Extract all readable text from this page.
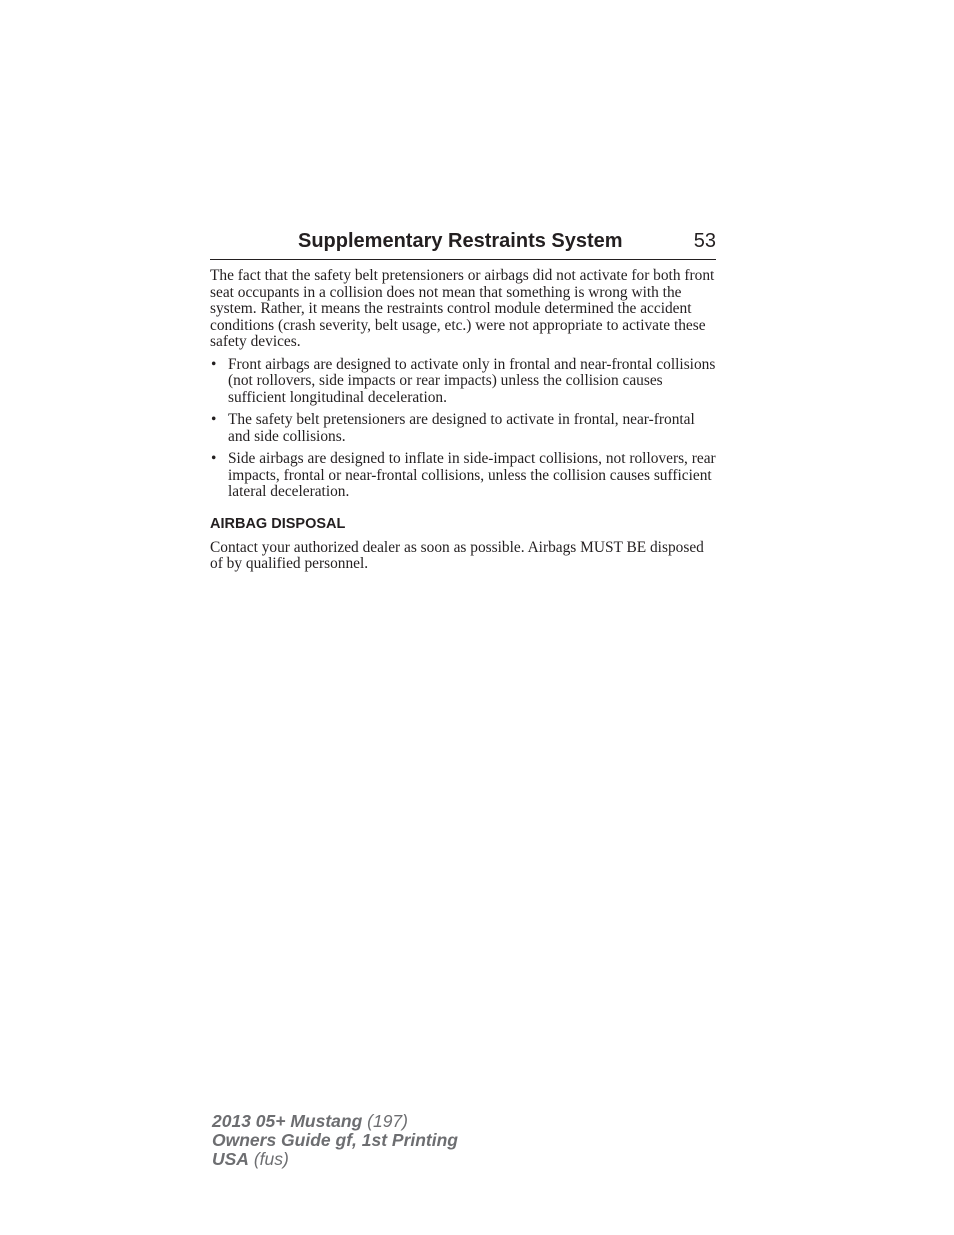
Supplementary Restraints System	53

The fact that the safety belt pretensioners or airbags did not activate for both front seat occupants in a collision does not mean that something is wrong with the system. Rather, it means the restraints control module determined the accident conditions (crash severity, belt usage, etc.) were not appropriate to activate these safety devices.

• Front airbags are designed to activate only in frontal and near-frontal collisions (not rollovers, side impacts or rear impacts) unless the collision causes sufficient longitudinal deceleration.
• The safety belt pretensioners are designed to activate in frontal, near-frontal and side collisions.
• Side airbags are designed to inflate in side-impact collisions, not rollovers, rear impacts, frontal or near-frontal collisions, unless the collision causes sufficient lateral deceleration.
AIRBAG DISPOSAL

Contact your authorized dealer as soon as possible. Airbags MUST BE disposed of by qualified personnel.

2013 05+ Mustang (197)
Owners Guide gf, 1st Printing
USA (fus)
